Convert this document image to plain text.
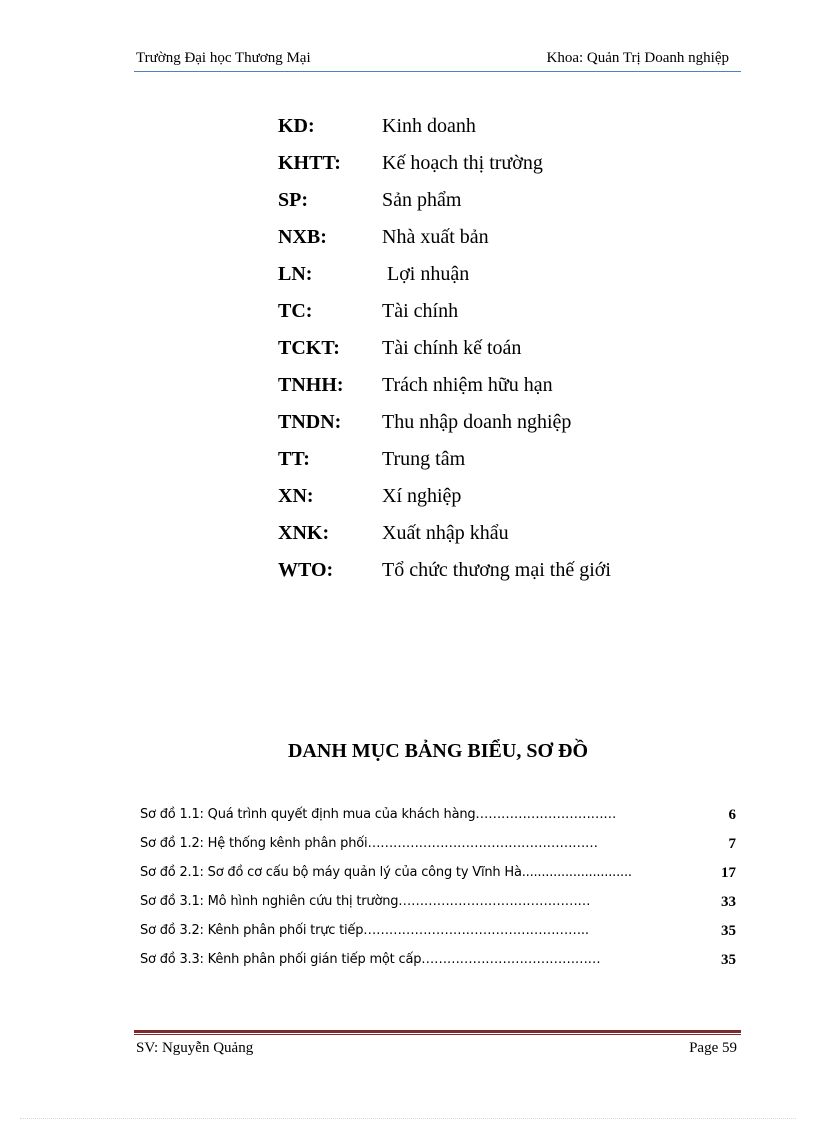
Trường Đại học Thương Mại	Khoa: Quản Trị Doanh nghiệp
KD:	Kinh doanh
KHTT: Kế hoạch thị trường
SP:	Sản phẩm
NXB:	Nhà xuất bản
LN:	Lợi nhuận
TC:	Tài chính
TCKT: Tài chính kế toán
TNHH: Trách nhiệm hữu hạn
TNDN: Thu nhập doanh nghiệp
TT:	Trung tâm
XN:	Xí nghiệp
XNK:	Xuất nhập khẩu
WTO: Tổ chức thương mại thế giới
DANH MỤC BẢNG BIỂU, SƠ ĐỒ
Sơ đồ 1.1: Quá trình quyết định mua của khách hàng……………………………	6
Sơ đồ 1.2: Hệ thống kênh phân phối………………………………………………	7
Sơ đồ 2.1: Sơ đồ cơ cấu bộ máy quản lý của công ty Vĩnh Hà............................	17
Sơ đồ 3.1: Mô hình nghiên cứu thị trường………………………………………	33
Sơ đồ 3.2: Kênh phân phối trực tiếp……………………………………………..	35
Sơ đồ 3.3: Kênh phân phối gián tiếp một cấp……………………………………	35
SV: Nguyễn Quảng	Page 59
